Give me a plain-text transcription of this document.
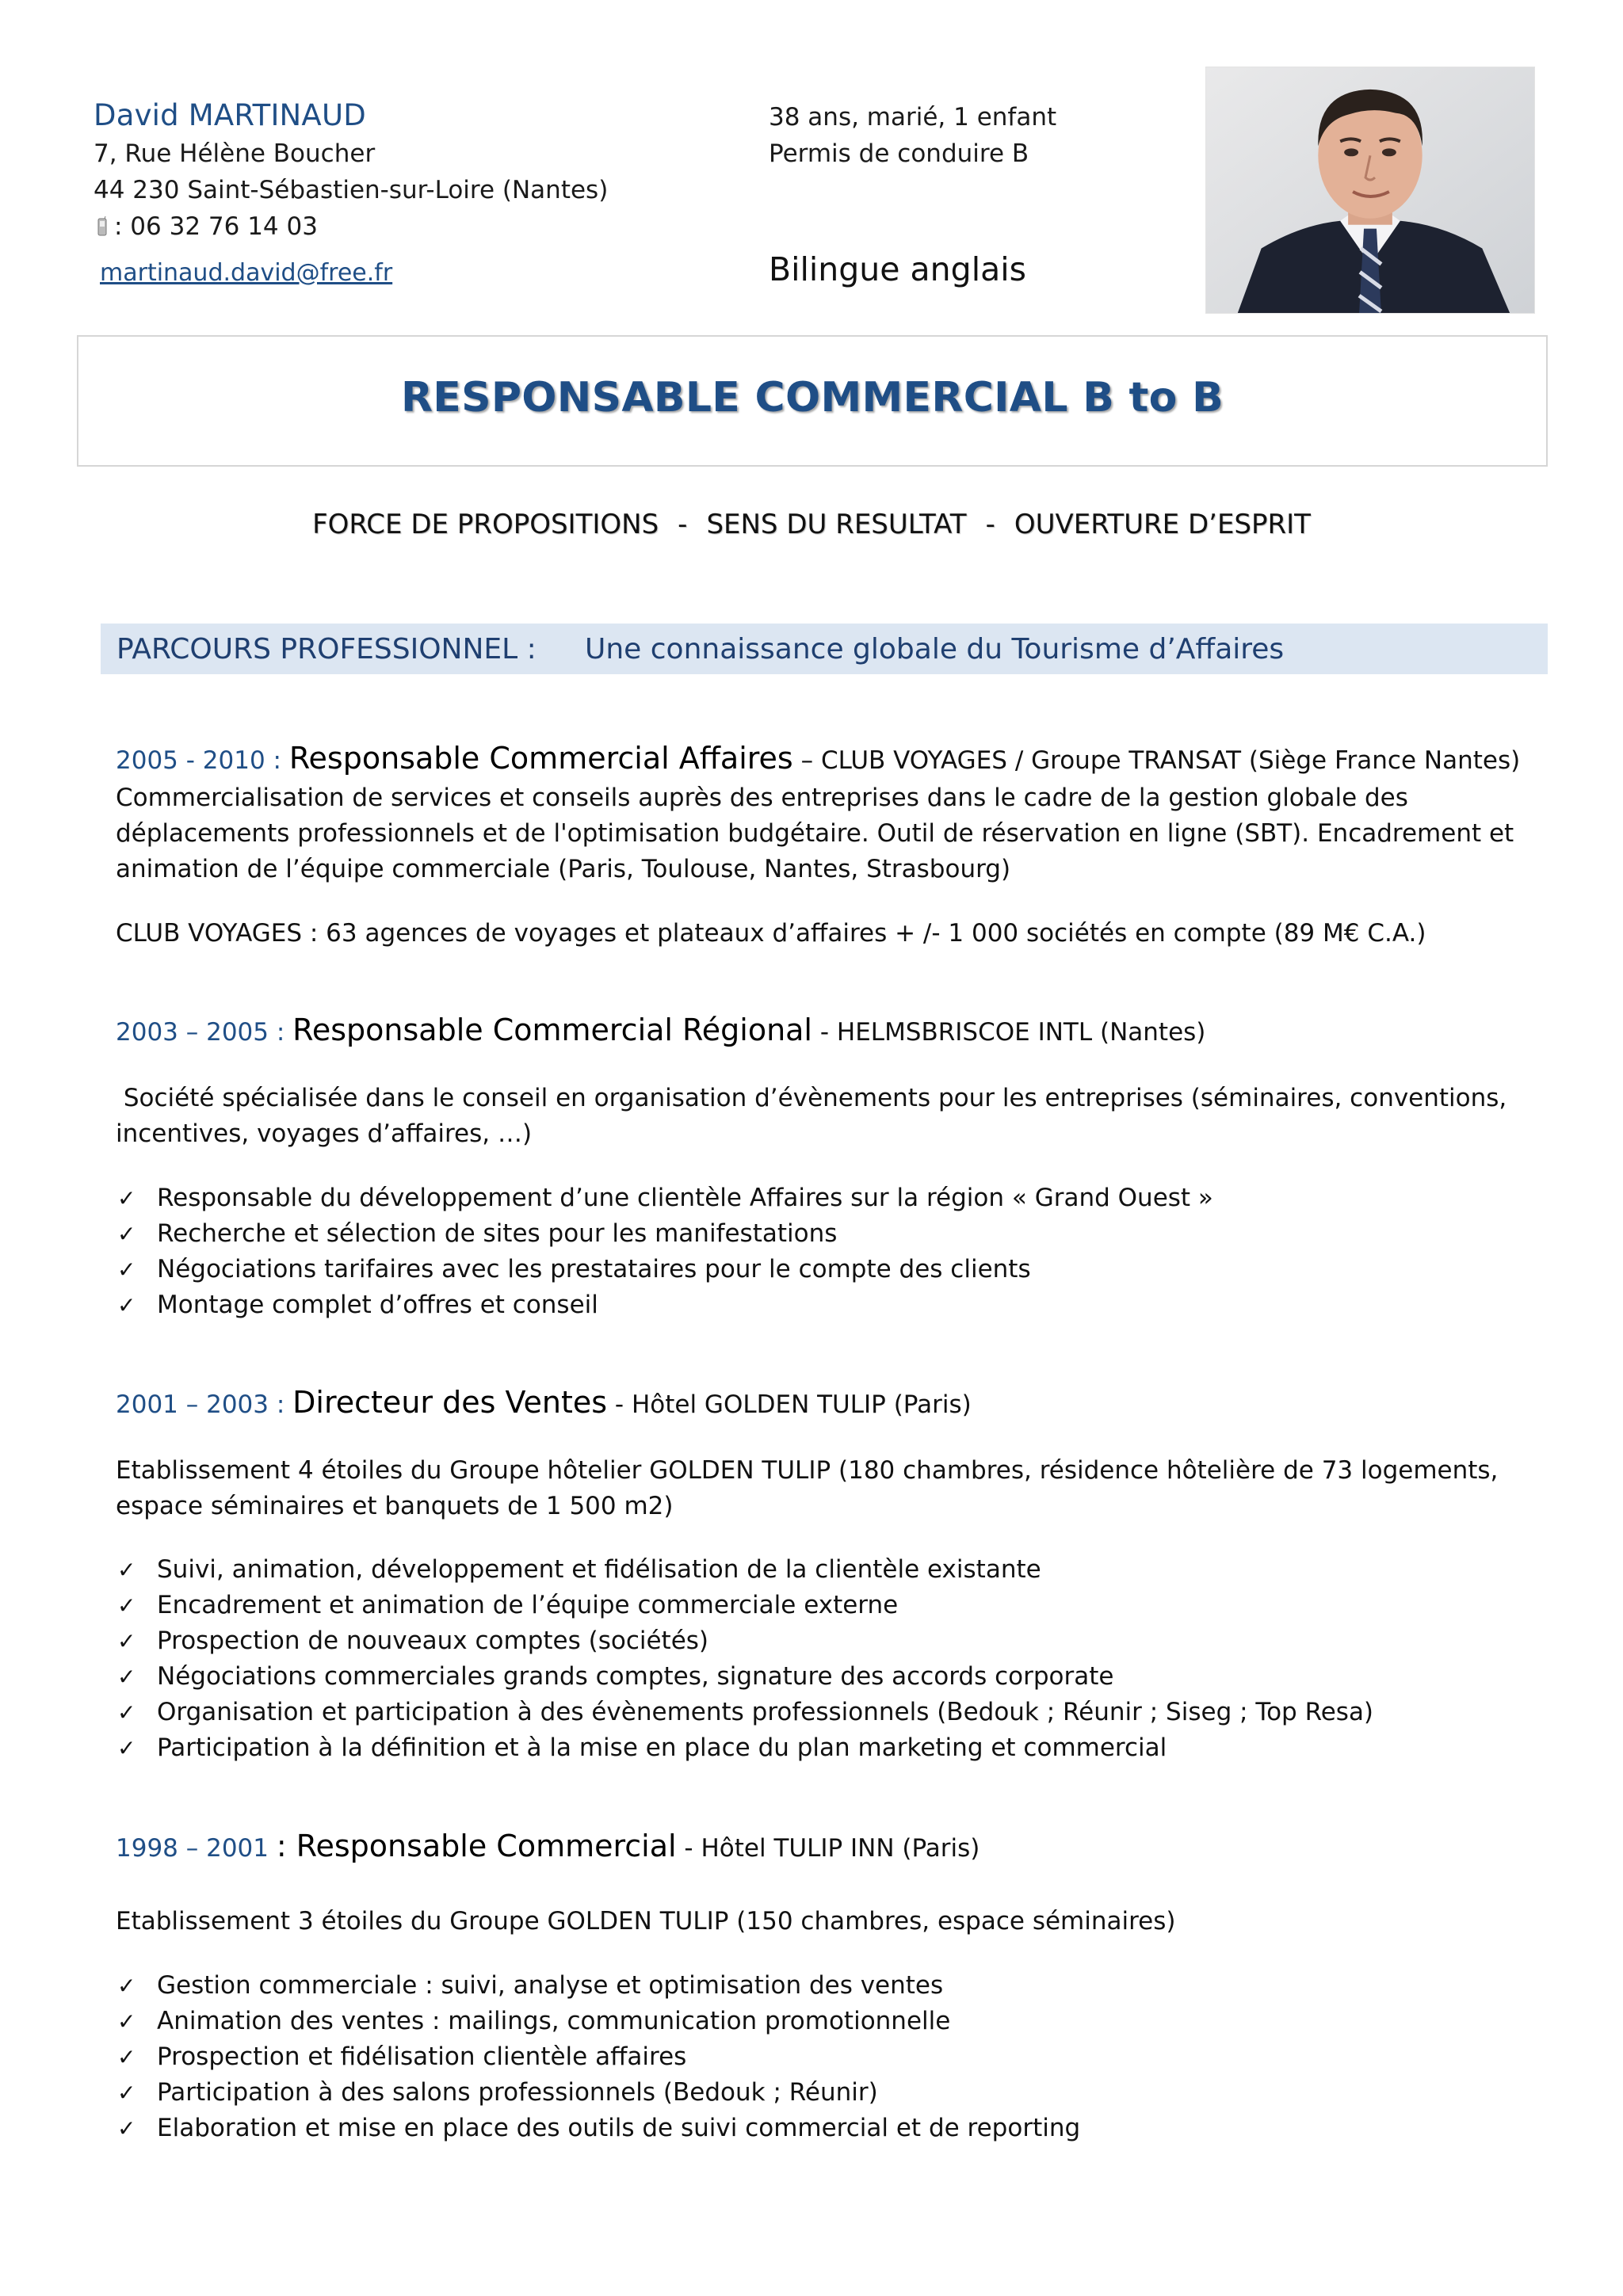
David MARTINAUD
7, Rue Hélène Boucher
44 230 Saint-Sébastien-sur-Loire (Nantes)
: 06 32 76 14 03
martinaud.david@free.fr
38 ans, marié, 1 enfant
Permis de conduire B
Bilingue anglais
RESPONSABLE COMMERCIAL B to B
FORCE DE PROPOSITIONS - SENS DU RESULTAT - OUVERTURE D’ESPRIT
PARCOURS PROFESSIONNEL : Une connaissance globale du Tourisme d’Affaires
2005 - 2010 : Responsable Commercial Affaires – CLUB VOYAGES / Groupe TRANSAT (Siège France Nantes)
Commercialisation de services et conseils auprès des entreprises dans le cadre de la gestion globale des déplacements professionnels et de l'optimisation budgétaire. Outil de réservation en ligne (SBT). Encadrement et animation de l’équipe commerciale (Paris, Toulouse, Nantes, Strasbourg)
CLUB VOYAGES : 63 agences de voyages et plateaux d’affaires + /- 1 000 sociétés en compte (89 M€ C.A.)
2003 – 2005 : Responsable Commercial Régional - HELMSBRISCOE INTL (Nantes)
Société spécialisée dans le conseil en organisation d’évènements pour les entreprises (séminaires, conventions, incentives, voyages d’affaires, …)
✓ Responsable du développement d’une clientèle Affaires sur la région « Grand Ouest »
✓ Recherche et sélection de sites pour les manifestations
✓ Négociations tarifaires avec les prestataires pour le compte des clients
✓ Montage complet d’offres et conseil
2001 – 2003 : Directeur des Ventes - Hôtel GOLDEN TULIP (Paris)
Etablissement 4 étoiles du Groupe hôtelier GOLDEN TULIP (180 chambres, résidence hôtelière de 73 logements, espace séminaires et banquets de 1 500 m2)
✓ Suivi, animation, développement et fidélisation de la clientèle existante
✓ Encadrement et animation de l’équipe commerciale externe
✓ Prospection de nouveaux comptes (sociétés)
✓ Négociations commerciales grands comptes, signature des accords corporate
✓ Organisation et participation à des évènements professionnels (Bedouk ; Réunir ; Siseg ; Top Resa)
✓ Participation à la définition et à la mise en place du plan marketing et commercial
1998 – 2001 : Responsable Commercial - Hôtel TULIP INN (Paris)
Etablissement 3 étoiles du Groupe GOLDEN TULIP (150 chambres, espace séminaires)
✓ Gestion commerciale : suivi, analyse et optimisation des ventes
✓ Animation des ventes : mailings, communication promotionnelle
✓ Prospection et fidélisation clientèle affaires
✓ Participation à des salons professionnels (Bedouk ; Réunir)
✓ Elaboration et mise en place des outils de suivi commercial et de reporting
